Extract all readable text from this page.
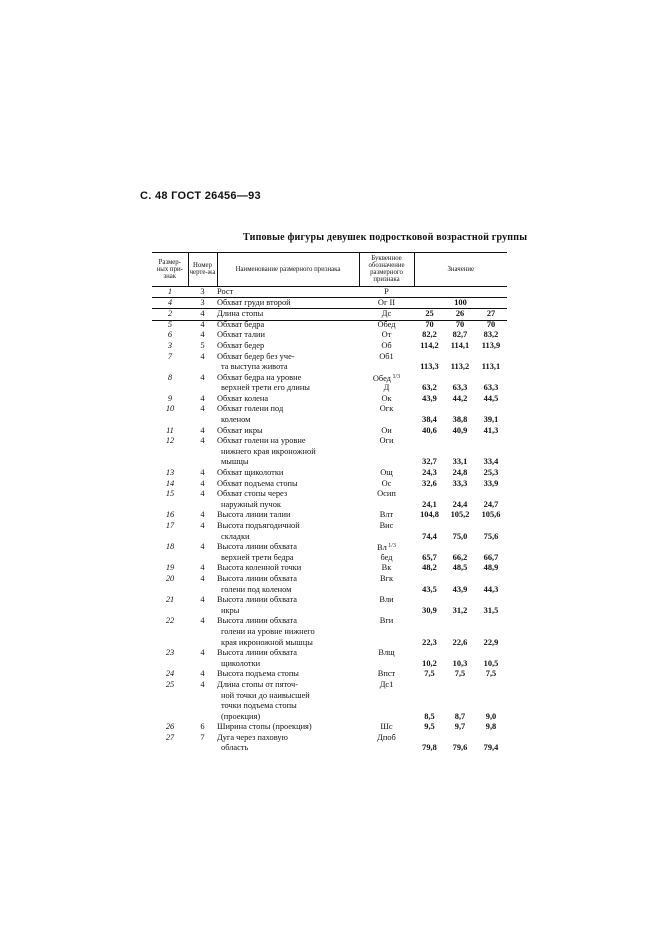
С. 48 ГОСТ 26456—93
Типовые фигуры девушек подростковой возрастной группы
Размер-ных при-знак	Номер черте-жа	Наименование размерного признака	Буквенное обозначение размерного признака	Значение		
1	3	Рост	Р			
4	3	Обхват груди второй	Ог II	100		
2	4	Длина стопы	Дс	25	26	27
5	4	Обхват бедра	Обед	70	70	70
6	4	Обхват талии	От	82,2	82,7	83,2
3	5	Обхват бедер	Об	114,2	114,1	113,9
7	4	Обхват бедер без уче-	Об1			
		та выступа живота		113,3	113,2	113,1
8	4	Обхват бедра на уровне	Обед $^{1/3}$			
		верхней трети его длины	Д	63,2	63,3	63,3
9	4	Обхват колена	Ок	43,9	44,2	44,5
10	4	Обхват голени под	Огк			
		коленом		38,4	38,8	39,1
11	4	Обхват икры	Ои	40,6	40,9	41,3
12	4	Обхват голени на уровне	Оги			
		нижнего края икроножной				
		мышцы		32,7	33,1	33,4
13	4	Обхват щиколотки	Ощ	24,3	24,8	25,3
14	4	Обхват подъема стопы	Ос	32,6	33,3	33,9
15	4	Обхват стопы через	Осип			
		наружный пучок		24,1	24,4	24,7
16	4	Высота линии талии	Влт	104,8	105,2	105,6
17	4	Высота подъягодичной	Вис			
		складки		74,4	75,0	75,6
18	4	Высота линии обхвата	Вл $^{1/3}$			
		верхней трети бедра	бед	65,7	66,2	66,7
19	4	Высота коленной точки	Вк	48,2	48,5	48,9
20	4	Высота линии обхвата	Вгк			
		голени под коленом		43,5	43,9	44,3
21	4	Высота линии обхвата	Вли			
		икры		30,9	31,2	31,5
22	4	Высота линии обхвата	Вги			
		голени на уровне нижнего				
		края икроножной мышцы		22,3	22,6	22,9
23	4	Высота линии обхвата	Влщ			
		щиколотки		10,2	10,3	10,5
24	4	Высота подъема стопы	Впст	7,5	7,5	7,5
25	4	Длина стопы от пяточ-	Дс1			
		ной точки до наивысшей				
		точки подъема стопы				
		(проекция)		8,5	8,7	9,0
26	6	Ширина стопы (проекция)	Шс	9,5	9,7	9,8
27	7	Дуга через паховую	Дпоб			
		область		79,8	79,6	79,4
